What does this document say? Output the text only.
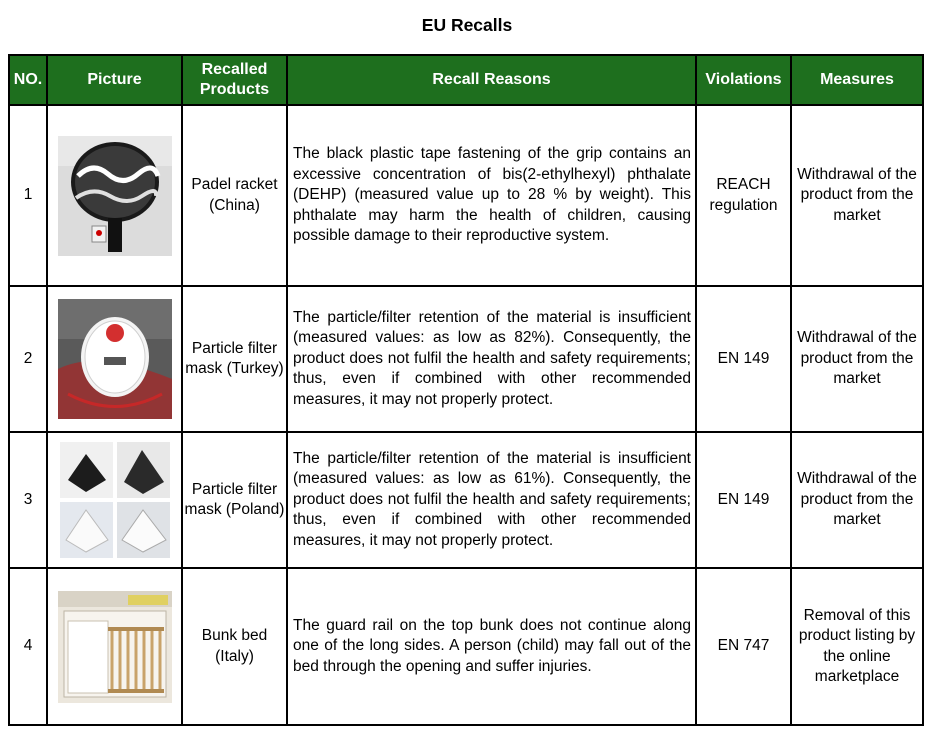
EU Recalls
NO.	Picture	Recalled Products	Recall Reasons	Violations	Measures
1		Padel racket (China)	The black plastic tape fastening of the grip contains an excessive concentration of bis(2-ethylhexyl) phthalate (DEHP) (measured value up to 28 % by weight). This phthalate may harm the health of children, causing possible damage to their reproductive system.	REACH regulation	Withdrawal of the product from the market
2		Particle filter mask (Turkey)	The particle/filter retention of the material is insufficient (measured values: as low as 82%). Consequently, the product does not fulfil the health and safety requirements; thus, even if combined with other recommended measures, it may not properly protect.	EN 149	Withdrawal of the product from the market
3		Particle filter mask (Poland)	The particle/filter retention of the material is insufficient (measured values: as low as 61%). Consequently, the product does not fulfil the health and safety requirements; thus, even if combined with other recommended measures, it may not properly protect.	EN 149	Withdrawal of the product from the market
4		Bunk bed (Italy)	The guard rail on the top bunk does not continue along one of the long sides. A person (child) may fall out of the bed through the opening and suffer injuries.	EN 747	Removal of this product listing by the online marketplace
